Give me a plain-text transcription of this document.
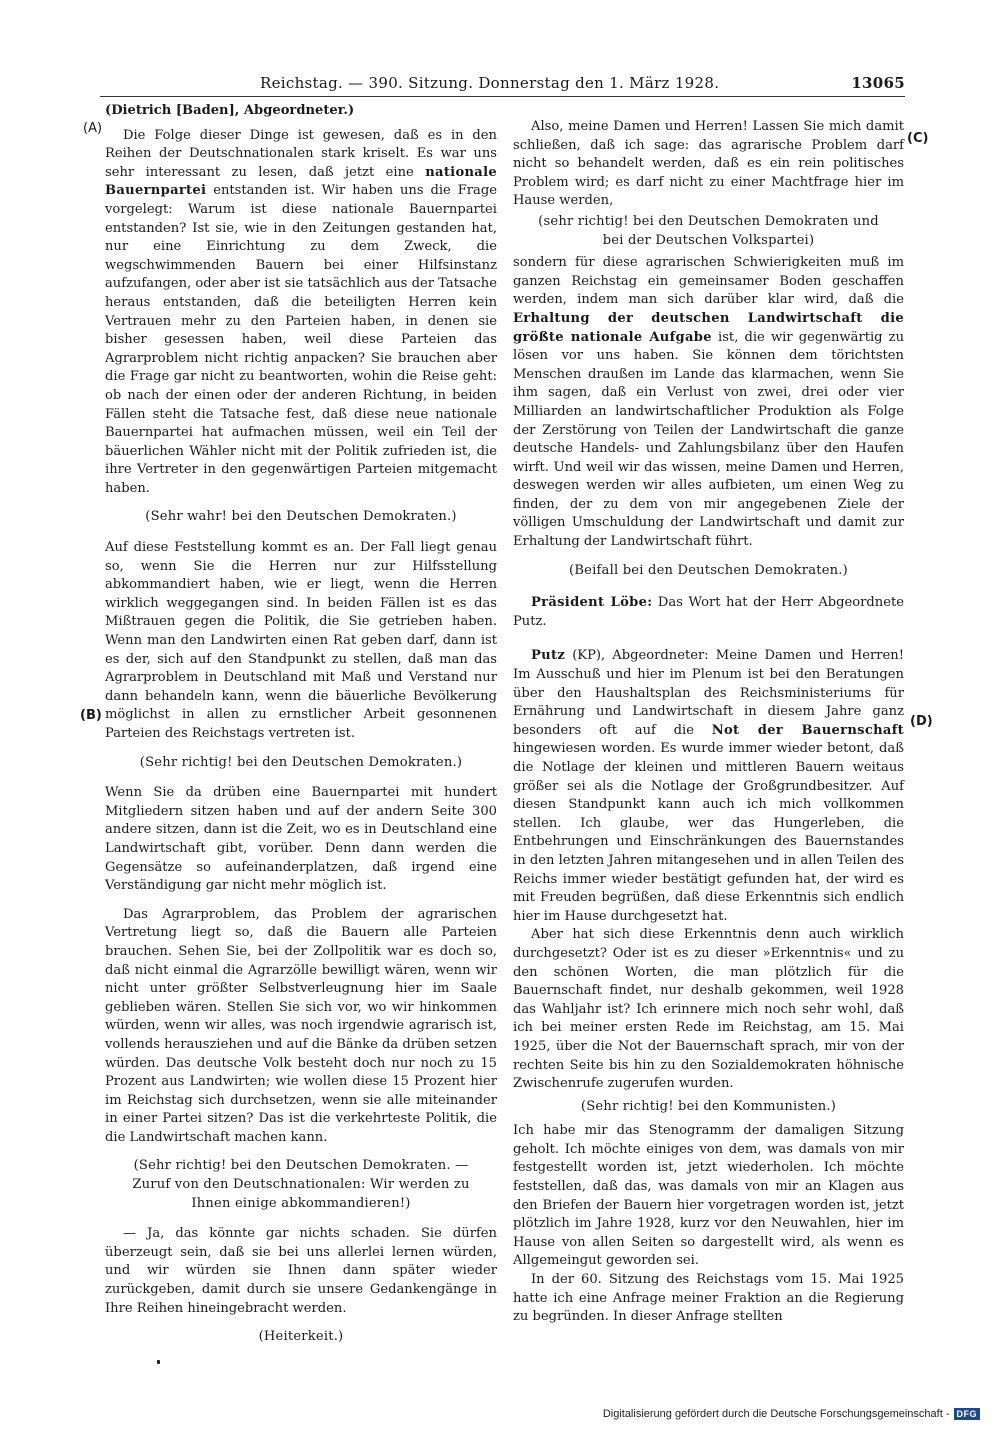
Reichstag. — 390. Sitzung. Donnerstag den 1. März 1928.	13065
(A)
(B)
(C)
(D)
(Dietrich [Baden], Abgeordneter.)

Die Folge dieser Dinge ist gewesen, daß es in den Reihen der Deutschnationalen stark kriselt. Es war uns sehr interessant zu lesen, daß jetzt eine nationale Bauernpartei entstanden ist. Wir haben uns die Frage vorgelegt: Warum ist diese nationale Bauernpartei entstanden? Ist sie, wie in den Zeitungen gestanden hat, nur eine Einrichtung zu dem Zweck, die wegschwimmenden Bauern bei einer Hilfsinstanz aufzufangen, oder aber ist sie tatsächlich aus der Tatsache heraus entstanden, daß die beteiligten Herren kein Vertrauen mehr zu den Parteien haben, in denen sie bisher gesessen haben, weil diese Parteien das Agrarproblem nicht richtig anpacken? Sie brauchen aber die Frage gar nicht zu beantworten, wohin die Reise geht: ob nach der einen oder der anderen Richtung, in beiden Fällen steht die Tatsache fest, daß diese neue nationale Bauernpartei hat aufmachen müssen, weil ein Teil der bäuerlichen Wähler nicht mit der Politik zufrieden ist, die ihre Vertreter in den gegenwärtigen Parteien mitgemacht haben.

(Sehr wahr! bei den Deutschen Demokraten.)

Auf diese Feststellung kommt es an. Der Fall liegt genau so, wenn Sie die Herren nur zur Hilfsstellung abkommandiert haben, wie er liegt, wenn die Herren wirklich weggegangen sind. In beiden Fällen ist es das Mißtrauen gegen die Politik, die Sie getrieben haben. Wenn man den Landwirten einen Rat geben darf, dann ist es der, sich auf den Standpunkt zu stellen, daß man das Agrarproblem in Deutschland mit Maß und Verstand nur dann behandeln kann, wenn die bäuerliche Bevölkerung möglichst in allen zu ernstlicher Arbeit gesonnenen Parteien des Reichstags vertreten ist.

(Sehr richtig! bei den Deutschen Demokraten.)

Wenn Sie da drüben eine Bauernpartei mit hundert Mitgliedern sitzen haben und auf der andern Seite 300 andere sitzen, dann ist die Zeit, wo es in Deutschland eine Landwirtschaft gibt, vorüber. Denn dann werden die Gegensätze so aufeinanderplatzen, daß irgend eine Verständigung gar nicht mehr möglich ist.

Das Agrarproblem, das Problem der agrarischen Vertretung liegt so, daß die Bauern alle Parteien brauchen. Sehen Sie, bei der Zollpolitik war es doch so, daß nicht einmal die Agrarzölle bewilligt wären, wenn wir nicht unter größter Selbstverleugnung hier im Saale geblieben wären. Stellen Sie sich vor, wo wir hinkommen würden, wenn wir alles, was noch irgendwie agrarisch ist, vollends herausziehen und auf die Bänke da drüben setzen würden. Das deutsche Volk besteht doch nur noch zu 15 Prozent aus Landwirten; wie wollen diese 15 Prozent hier im Reichstag sich durchsetzen, wenn sie alle miteinander in einer Partei sitzen? Das ist die verkehrteste Politik, die die Landwirtschaft machen kann.

(Sehr richtig! bei den Deutschen Demokraten. — Zuruf von den Deutschnationalen: Wir werden zu Ihnen einige abkommandieren!)

— Ja, das könnte gar nichts schaden. Sie dürfen überzeugt sein, daß sie bei uns allerlei lernen würden, und wir würden sie Ihnen dann später wieder zurückgeben, damit durch sie unsere Gedankengänge in Ihre Reihen hineingebracht werden.

(Heiterkeit.)

Also, meine Damen und Herren! Lassen Sie mich damit schließen, daß ich sage: das agrarische Problem darf nicht so behandelt werden, daß es ein rein politisches Problem wird; es darf nicht zu einer Machtfrage hier im Hause werden,

(sehr richtig! bei den Deutschen Demokraten und bei der Deutschen Volkspartei)

sondern für diese agrarischen Schwierigkeiten muß im ganzen Reichstag ein gemeinsamer Boden geschaffen werden, indem man sich darüber klar wird, daß die Erhaltung der deutschen Landwirtschaft die größte nationale Aufgabe ist, die wir gegenwärtig zu lösen vor uns haben. Sie können dem törichtsten Menschen draußen im Lande das klarmachen, wenn Sie ihm sagen, daß ein Verlust von zwei, drei oder vier Milliarden an landwirtschaftlicher Produktion als Folge der Zerstörung von Teilen der Landwirtschaft die ganze deutsche Handels- und Zahlungsbilanz über den Haufen wirft. Und weil wir das wissen, meine Damen und Herren, deswegen werden wir alles aufbieten, um einen Weg zu finden, der zu dem von mir angegebenen Ziele der völligen Umschuldung der Landwirtschaft und damit zur Erhaltung der Landwirtschaft führt.

(Beifall bei den Deutschen Demokraten.)

Präsident Löbe: Das Wort hat der Herr Abgeordnete Putz.

Putz (KP), Abgeordneter: Meine Damen und Herren! Im Ausschuß und hier im Plenum ist bei den Beratungen über den Haushaltsplan des Reichsministeriums für Ernährung und Landwirtschaft in diesem Jahre ganz besonders oft auf die Not der Bauernschaft hingewiesen worden. Es wurde immer wieder betont, daß die Notlage der kleinen und mittleren Bauern weitaus größer sei als die Notlage der Großgrundbesitzer. Auf diesen Standpunkt kann auch ich mich vollkommen stellen. Ich glaube, wer das Hungerleben, die Entbehrungen und Einschränkungen des Bauernstandes in den letzten Jahren mitangesehen und in allen Teilen des Reichs immer wieder bestätigt gefunden hat, der wird es mit Freuden begrüßen, daß diese Erkenntnis sich endlich hier im Hause durchgesetzt hat.

Aber hat sich diese Erkenntnis denn auch wirklich durchgesetzt? Oder ist es zu dieser »Erkenntnis« und zu den schönen Worten, die man plötzlich für die Bauernschaft findet, nur deshalb gekommen, weil 1928 das Wahljahr ist? Ich erinnere mich noch sehr wohl, daß ich bei meiner ersten Rede im Reichstag, am 15. Mai 1925, über die Not der Bauernschaft sprach, mir von der rechten Seite bis hin zu den Sozialdemokraten höhnische Zwischenrufe zugerufen wurden.

(Sehr richtig! bei den Kommunisten.)

Ich habe mir das Stenogramm der damaligen Sitzung geholt. Ich möchte einiges von dem, was damals von mir festgestellt worden ist, jetzt wiederholen. Ich möchte feststellen, daß das, was damals von mir an Klagen aus den Briefen der Bauern hier vorgetragen worden ist, jetzt plötzlich im Jahre 1928, kurz vor den Neuwahlen, hier im Hause von allen Seiten so dargestellt wird, als wenn es Allgemeingut geworden sei.

In der 60. Sitzung des Reichstags vom 15. Mai 1925 hatte ich eine Anfrage meiner Fraktion an die Regierung zu begründen. In dieser Anfrage stellten

Digitalisierung gefördert durch die Deutsche Forschungsgemeinschaft - DFG
